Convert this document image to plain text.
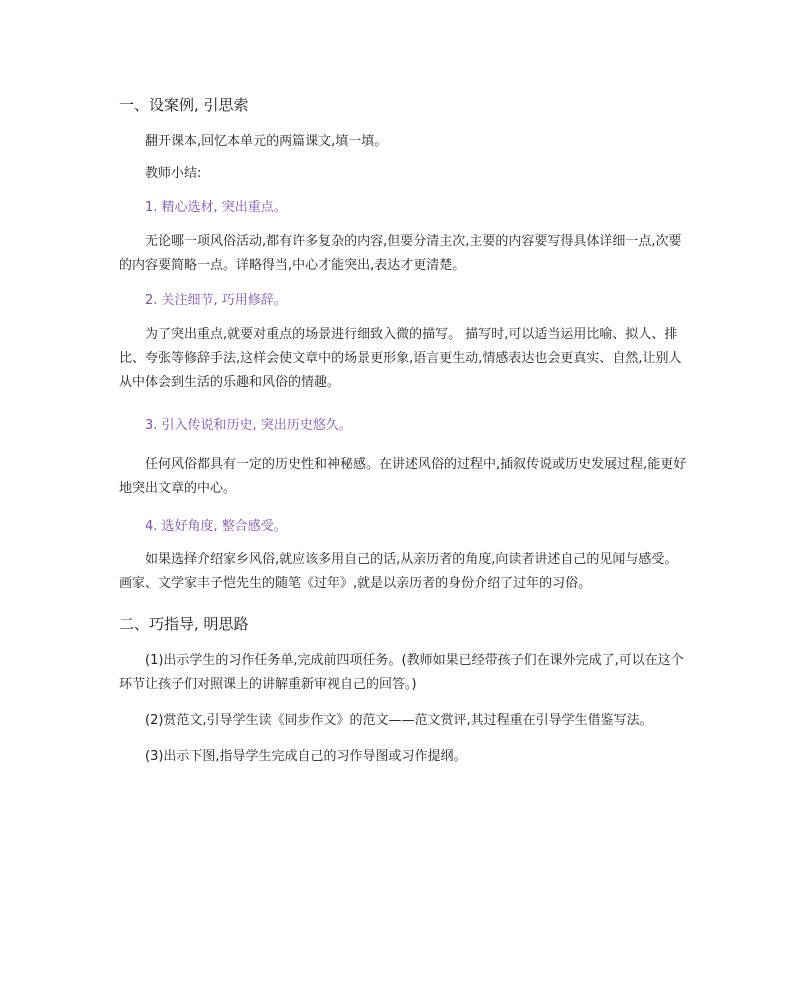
一、设案例, 引思索
翻开课本,回忆本单元的两篇课文,填一填。
教师小结:
1. 精心选材, 突出重点。
无论哪一项风俗活动,都有许多复杂的内容,但要分清主次,主要的内容要写得具体详细一点,次要的内容要简略一点。详略得当,中心才能突出,表达才更清楚。
2. 关注细节, 巧用修辞。
为了突出重点,就要对重点的场景进行细致入微的描写。 描写时,可以适当运用比喻、拟人、排比、夸张等修辞手法,这样会使文章中的场景更形象,语言更生动,情感表达也会更真实、自然,让别人从中体会到生活的乐趣和风俗的情趣。
3. 引入传说和历史, 突出历史悠久。
任何风俗都具有一定的历史性和神秘感。在讲述风俗的过程中,插叙传说或历史发展过程,能更好地突出文章的中心。
4. 选好角度, 整合感受。
如果选择介绍家乡风俗,就应该多用自己的话,从亲历者的角度,向读者讲述自己的见闻与感受。画家、文学家丰子恺先生的随笔《过年》,就是以亲历者的身份介绍了过年的习俗。
二、巧指导, 明思路
(1)出示学生的习作任务单,完成前四项任务。(教师如果已经带孩子们在课外完成了,可以在这个环节让孩子们对照课上的讲解重新审视自己的回答。)
(2)赏范文,引导学生读《同步作文》的范文——范文赏评,其过程重在引导学生借鉴写法。
(3)出示下图,指导学生完成自己的习作导图或习作提纲。
